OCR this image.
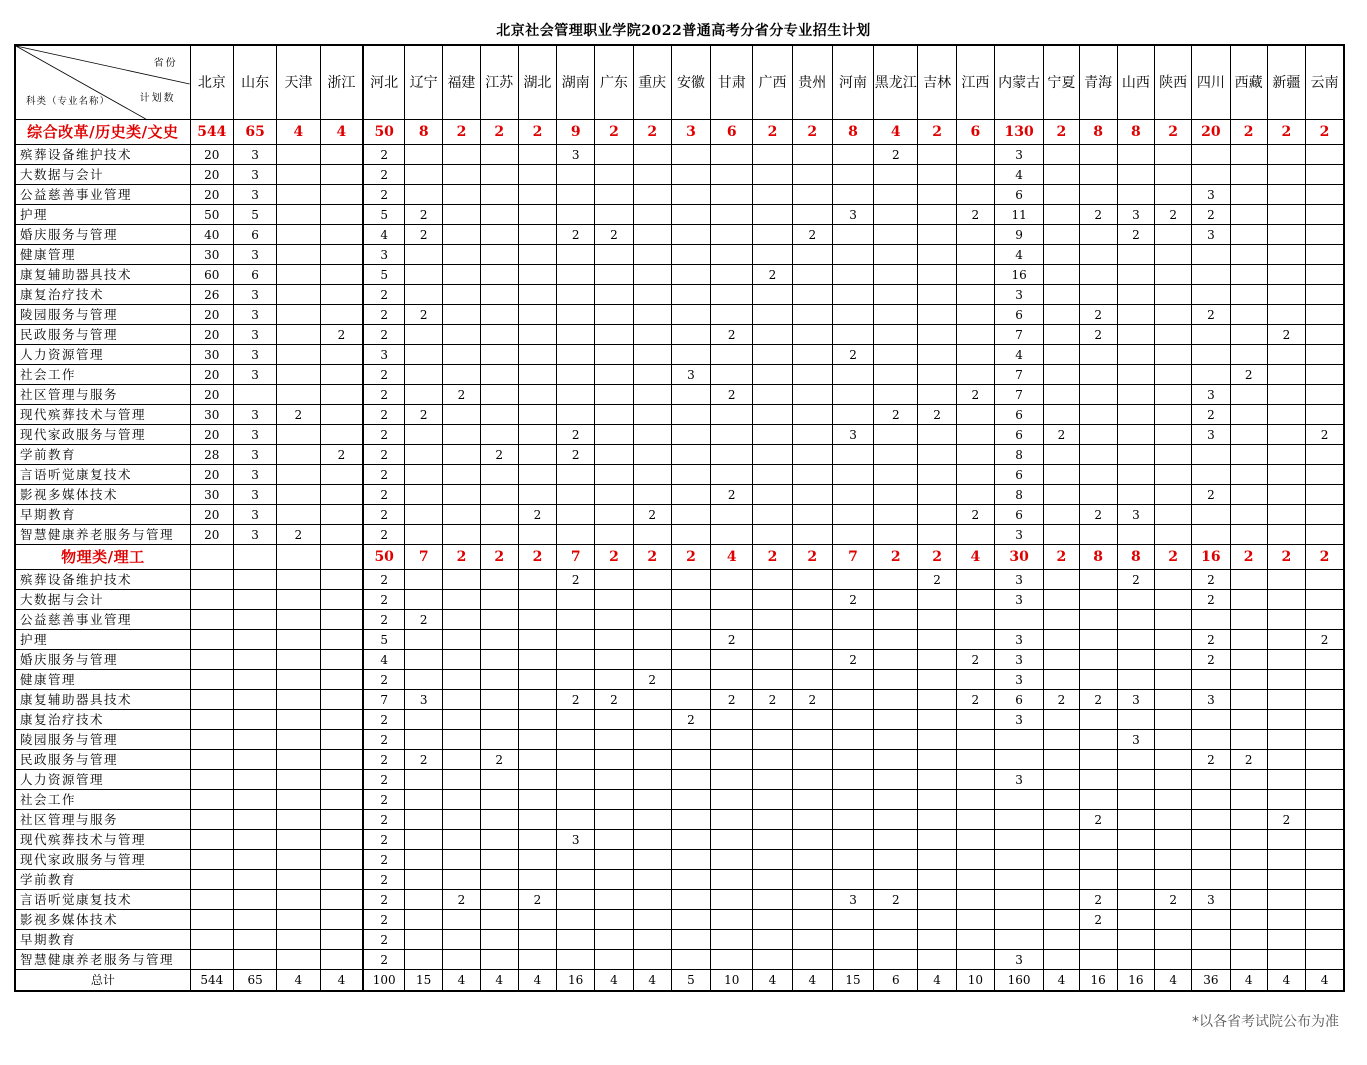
北京社会管理职业学院2022普通高考分省分专业招生计划
省份
计划数
科类（专业名称）	北京	山东	天津	浙江	河北	辽宁	福建	江苏	湖北	湖南	广东	重庆	安徽	甘肃	广西	贵州	河南	黑龙江	吉林	江西	内蒙古	宁夏	青海	山西	陕西	四川	西藏	新疆	云南
综合改革/历史类/文史	544	65	4	4	50	8	2	2	2	9	2	2	3	6	2	2	8	4	2	6	130	2	8	8	2	20	2	2	2
殡葬设备维护技术	20	3			2					3								2			3								
大数据与会计	20	3			2																4								
公益慈善事业管理	20	3			2																6					3			
护理	50	5			5	2											3			2	11		2	3	2	2			
婚庆服务与管理	40	6			4	2				2	2					2					9			2		3			
健康管理	30	3			3																4								
康复辅助器具技术	60	6			5										2						16								
康复治疗技术	26	3			2																3								
陵园服务与管理	20	3			2	2															6		2			2			
民政服务与管理	20	3		2	2									2							7		2					2	
人力资源管理	30	3			3												2				4								
社会工作	20	3			2								3								7						2		
社区管理与服务	20				2		2							2						2	7					3			
现代殡葬技术与管理	30	3	2		2	2												2	2		6					2			
现代家政服务与管理	20	3			2					2							3				6	2				3			2
学前教育	28	3		2	2			2		2											8								
言语听觉康复技术	20	3			2																6								
影视多媒体技术	30	3			2									2							8					2			
早期教育	20	3			2				2			2								2	6		2	3					
智慧健康养老服务与管理	20	3	2		2																3								
物理类/理工					50	7	2	2	2	7	2	2	2	4	2	2	7	2	2	4	30	2	8	8	2	16	2	2	2
殡葬设备维护技术					2					2									2		3			2		2			
大数据与会计					2												2				3					2			
公益慈善事业管理					2	2																							
护理					5									2							3					2			2
婚庆服务与管理					4												2			2	3					2			
健康管理					2							2									3								
康复辅助器具技术					7	3				2	2			2	2	2				2	6	2	2	3		3			
康复治疗技术					2								2								3								
陵园服务与管理					2																			3					
民政服务与管理					2	2		2																		2	2		
人力资源管理					2																3								
社会工作					2																								
社区管理与服务					2																		2					2	
现代殡葬技术与管理					2					3																			
现代家政服务与管理					2																								
学前教育					2																								
言语听觉康复技术					2		2		2								3	2					2		2	3			
影视多媒体技术					2																		2						
早期教育					2																								
智慧健康养老服务与管理					2																3								
总计	544	65	4	4	100	15	4	4	4	16	4	4	5	10	4	4	15	6	4	10	160	4	16	16	4	36	4	4	4
*以各省考试院公布为准
